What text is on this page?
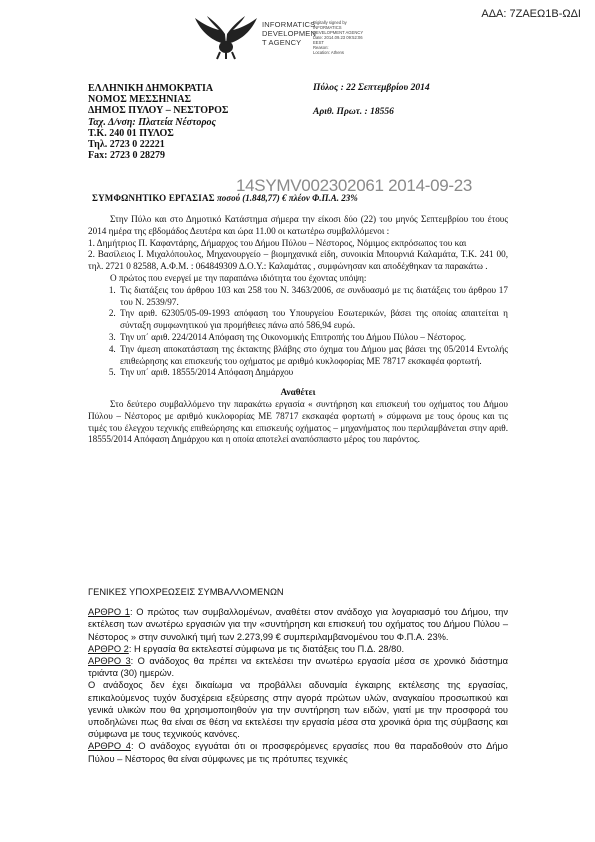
ΑΔΑ: 7ΖΑΕΩ1Β-ΩΔΙ
INFORMATICS
DEVELOPMEN
T AGENCY
Digitally signed by
INFORMATICS
DEVELOPMENT AGENCY
Date: 2014.09.23 09:52:06
EEST
Reason:
Location: Athens
ΕΛΛΗΝΙΚΗ ΔΗΜΟΚΡΑΤΙΑ
ΝΟΜΟΣ ΜΕΣΣΗΝΙΑΣ
ΔΗΜΟΣ ΠΥΛΟΥ – ΝΕΣΤΟΡΟΣ
Ταχ. Δ/νση: Πλατεία Νέστορος
Τ.Κ. 240 01 ΠΥΛΟΣ
Τηλ. 2723 0 22221
Fax: 2723 0 28279
Πύλος : 22 Σεπτεμβρίου 2014
Αριθ. Πρωτ. : 18556
14SYMV002302061 2014-09-23
ΣΥΜΦΩΝΗΤΙΚΟ ΕΡΓΑΣΙΑΣ ποσού (1.848,77) € πλέον Φ.Π.Α. 23%

Στην Πύλο και στο Δημοτικό Κατάστημα σήμερα την είκοσι δύο (22) του μηνός Σεπτεμβρίου του έτους 2014 ημέρα της εβδομάδος Δευτέρα και ώρα 11.00 οι κατωτέρω συμβαλλόμενοι :

1. Δημήτριος Π. Καφαντάρης, Δήμαρχος του Δήμου Πύλου – Νέστορος, Νόμιμος εκπρόσωπος του και

2. Βασίλειος Ι. Μιχαλόπουλος, Μηχανουργείο – βιομηχανικά είδη, συνοικία Μπουρνιά Καλαμάτα, Τ.Κ. 241 00, τηλ. 2721 0 82588, Α.Φ.Μ. : 064849309 Δ.Ο.Υ.: Καλαμάτας , συμφώνησαν και αποδέχθηκαν τα παρακάτω .

Ο πρώτος που ενεργεί με την παραπάνω ιδιότητα του έχοντας υπόψη:

1. Τις διατάξεις του άρθρου 103 και 258 του Ν. 3463/2006, σε συνδυασμό με τις διατάξεις του άρθρου 17 του Ν. 2539/97.
2. Την αριθ. 62305/05-09-1993 απόφαση του Υπουργείου Εσωτερικών, βάσει της οποίας απαιτείται η σύνταξη συμφωνητικού για προμήθειες πάνω από 586,94 ευρώ.
3. Την υπ΄ αριθ. 224/2014 Απόφαση της Οικονομικής Επιτροπής του Δήμου Πύλου – Νέστορος.
4. Την άμεση αποκατάσταση της έκτακτης βλάβης στο όχημα του Δήμου μας βάσει της 05/2014 Εντολής επιθεώρησης και επισκευής του οχήματος με αριθμό κυκλοφορίας ΜΕ 78717 εκσκαφέα φορτωτή.
5. Την υπ΄ αριθ. 18555/2014 Απόφαση Δημάρχου
Αναθέτει

Στο δεύτερο συμβαλλόμενο την παρακάτω εργασία « συντήρηση και επισκευή του οχήματος του Δήμου Πύλου – Νέστορος με αριθμό κυκλοφορίας ΜΕ 78717 εκσκαφέα φορτωτή » σύμφωνα με τους όρους και τις τιμές του έλεγχου τεχνικής επιθεώρησης και επισκευής οχήματος – μηχανήματος που περιλαμβάνεται στην αριθ. 18555/2014 Απόφαση Δημάρχου και η οποία αποτελεί αναπόσπαστο μέρος του παρόντος.

ΓΕΝΙΚΕΣ ΥΠΟΧΡΕΩΣΕΙΣ ΣΥΜΒΑΛΛΟΜΕΝΩΝ

ΑΡΘΡΟ 1: Ο πρώτος των συμβαλλομένων, αναθέτει στον ανάδοχο για λογαριασμό του Δήμου, την εκτέλεση των ανωτέρω εργασιών για την «συντήρηση και επισκευή του οχήματος του Δήμου Πύλου – Νέστορος » στην συνολική τιμή των 2.273,99 € συμπεριλαμβανομένου του Φ.Π.Α. 23%.

ΑΡΘΡΟ 2: Η εργασία θα εκτελεστεί σύμφωνα με τις διατάξεις του Π.Δ. 28/80.

ΑΡΘΡΟ 3: Ο ανάδοχος θα πρέπει να εκτελέσει την ανωτέρω εργασία μέσα σε χρονικό διάστημα τριάντα (30) ημερών.

Ο ανάδοχος δεν έχει δικαίωμα να προβάλλει αδυναμία έγκαιρης εκτέλεσης της εργασίας, επικαλούμενος τυχόν δυσχέρεια εξεύρεσης στην αγορά πρώτων υλών, αναγκαίου προσωπικού και γενικά υλικών που θα χρησιμοποιηθούν για την συντήρηση των ειδών, γιατί με την προσφορά του υποδηλώνει πως θα είναι σε θέση να εκτελέσει την εργασία μέσα στα χρονικά όρια της σύμβασης και σύμφωνα με τους τεχνικούς κανόνες.

ΑΡΘΡΟ 4: Ο ανάδοχος εγγυάται ότι οι προσφερόμενες εργασίες που θα παραδοθούν στο Δήμο Πύλου – Νέστορος θα είναι σύμφωνες με τις πρότυπες τεχνικές
